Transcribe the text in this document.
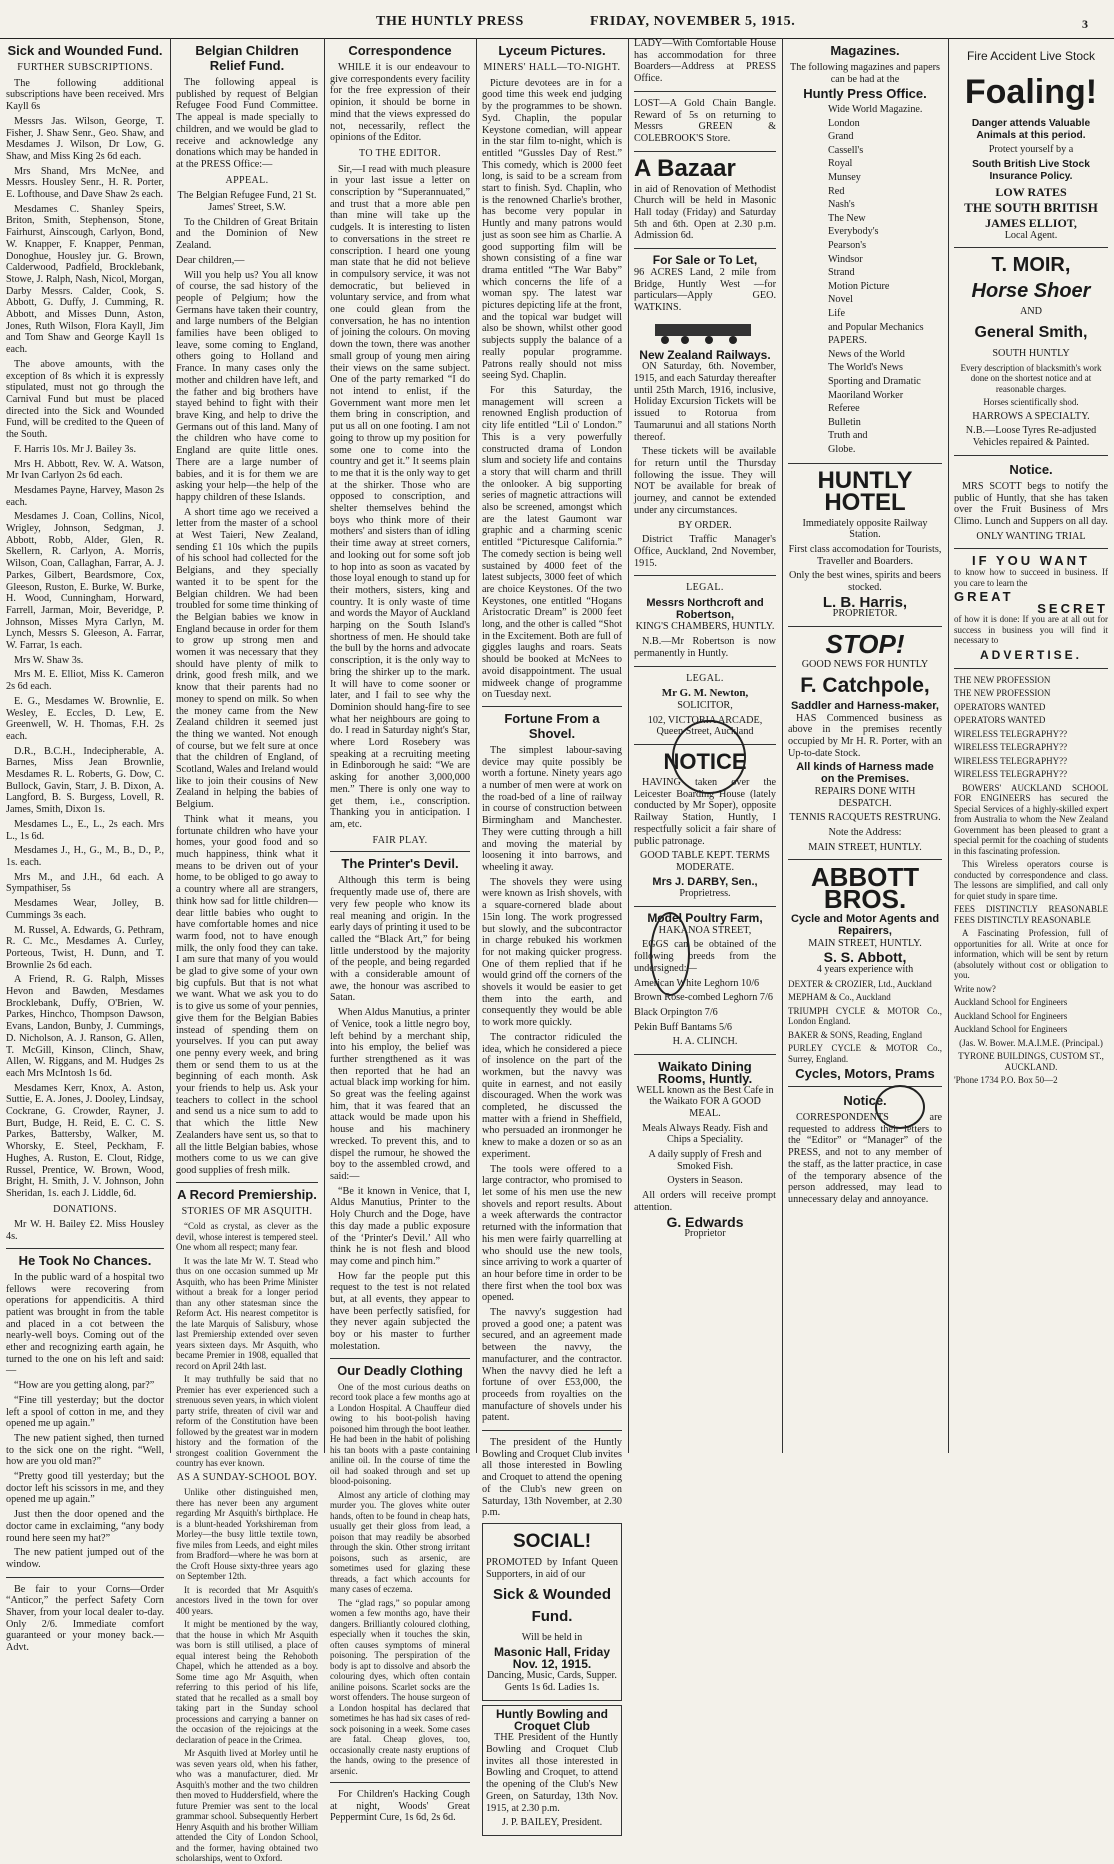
THE HUNTLY PRESS	FRIDAY, NOVEMBER 5, 1915.	3
Sick and Wounded Fund.
FURTHER SUBSCRIPTIONS.

The following additional subscriptions have been received. Mrs Kayll 6s

Messrs Jas. Wilson, George, T. Fisher, J. Shaw Senr., Geo. Shaw, and Mesdames J. Wilson, Dr Low, G. Shaw, and Miss King 2s 6d each.

Mrs Shand, Mrs McNee, and Messrs. Housley Senr., H. R. Porter, E. Lofthouse, and Dave Shaw 2s each.

Mesdames C. Shanley Speirs, Briton, Smith, Stephenson, Stone, Fairhurst, Ainscough, Carlyon, Bond, W. Knapper, F. Knapper, Penman, Donoghue, Housley jur. G. Brown, Calderwood, Padfield, Brocklebank, Stowe, J. Ralph, Nash, Nicol, Morgan, Darby Messrs. Calder, Cook, S. Abbott, G. Duffy, J. Cumming, R. Abbott, and Misses Dunn, Aston, Jones, Ruth Wilson, Flora Kayll, Jim and Tom Shaw and George Kayll 1s each.

The above amounts, with the exception of 8s which it is expressly stipulated, must not go through the Carnival Fund but must be placed directed into the Sick and Wounded Fund, will be credited to the Queen of the South.

F. Harris 10s. Mr J. Bailey 3s.

Mrs H. Abbott, Rev. W. A. Watson, Mr Ivan Carlyon 2s 6d each.

Mesdames Payne, Harvey, Mason 2s each.

Mesdames J. Coan, Collins, Nicol, Wrigley, Johnson, Sedgman, J. Abbott, Robb, Alder, Glen, R. Skellern, R. Carlyon, A. Morris, Wilson, Coan, Callaghan, Farrar, A. J. Parkes, Gilbert, Beardsmore, Cox, Gleeson, Ruston, E. Burke, W. Burke, H. Wood, Cunningham, Horward, Farrell, Jarman, Moir, Beveridge, P. Johnson, Misses Myra Carlyn, M. Lynch, Messrs S. Gleeson, A. Farrar, W. Farrar, 1s each.

Mrs W. Shaw 3s.

Mrs M. E. Elliot, Miss K. Cameron 2s 6d each.

E. G., Mesdames W. Brownlie, E. Wesley, E. Eccles, D. Lew, E. Greenwell, W. H. Thomas, F.H. 2s each.

D.R., B.C.H., Indecipherable, A. Barnes, Miss Jean Brownlie, Mesdames R. L. Roberts, G. Dow, C. Bullock, Gavin, Starr, J. B. Dixon, A. Langford, B. S. Burgess, Lovell, R. James, Smith, Dixon 1s.

Mesdames L., E., L., 2s each. Mrs L., 1s 6d.

Mesdames J., H., G., M., B., D., P., 1s. each.

Mrs M., and J.H., 6d each. A Sympathiser, 5s

Mesdames Wear, Jolley, B. Cummings 3s each.

M. Russel, A. Edwards, G. Pethram, R. C. Mc., Mesdames A. Curley, Porteous, Twist, H. Dunn, and T. Brownlie 2s 6d each.

A Friend, R. G. Ralph, Misses Hevon and Bawden, Mesdames Brocklebank, Duffy, O'Brien, W. Parkes, Hinchco, Thompson Dawson, Evans, Landon, Bunby, J. Cummings, D. Nicholson, A. J. Ranson, G. Allen, T. McGill, Kinson, Clinch, Shaw, Allen, W. Riggans, and M. Hudges 2s each Mrs McIntosh 1s 6d.

Mesdames Kerr, Knox, A. Aston, Suttie, E. A. Jones, J. Dooley, Lindsay, Cockrane, G. Crowder, Rayner, J. Burt, Budge, H. Reid, E. C. C. S. Parkes, Battersby, Walker, M. Whorsky, E. Steel, Peckham, F. Hughes, A. Ruston, E. Clout, Ridge, Russel, Prentice, W. Brown, Wood, Bright, H. Smith, J. V. Johnson, John Sheridan, 1s. each J. Liddle, 6d.

DONATIONS.

Mr W. H. Bailey £2. Miss Housley 4s.

He Took No Chances.

In the public ward of a hospital two fellows were recovering from operations for appendicitis. A third patient was brought in from the table and placed in a cot between the nearly-well boys. Coming out of the ether and recognizing earth again, he turned to the one on his left and said:—

“How are you getting along, par?”

“Fine till yesterday; but the doctor left a spool of cotton in me, and they opened me up again.”

The new patient sighed, then turned to the sick one on the right. “Well, how are you old man?”

“Pretty good till yesterday; but the doctor left his scissors in me, and they opened me up again.”

Just then the door opened and the doctor came in exclaiming, “any body round here seen my hat?”

The new patient jumped out of the window.

Be fair to your Corns—Order “Anticor,” the perfect Safety Corn Shaver, from your local dealer to-day. Only 2/6. Immediate comfort guaranteed or your money back.—Advt.

Belgian Children Relief Fund.

The following appeal is published by request of Belgian Refugee Food Fund Committee. The appeal is made specially to children, and we would be glad to receive and acknowledge any donations which may be handed in at the PRESS Office:—

APPEAL.

The Belgian Refugee Fund, 21 St. James' Street, S.W.

To the Children of Great Britain and the Dominion of New Zealand.

Dear children,—

Will you help us? You all know of course, the sad history of the people of Pelgium; how the Germans have taken their country, and large numbers of the Belgian families have been obliged to leave, some coming to England, others going to Holland and France. In many cases only the mother and children have left, and the father and big brothers have stayed behind to fight with their brave King, and help to drive the Germans out of this land. Many of the children who have come to England are quite little ones. There are a large number of babies, and it is for them we are asking your help—the help of the happy children of these Islands.

A short time ago we received a letter from the master of a school at West Taieri, New Zealand, sending £1 10s which the pupils of his school had collected for the Belgians, and they specially wanted it to be spent for the Belgian children. We had been troubled for some time thinking of the Belgian babies we know in England because in order for them to grow up strong men and women it was necessary that they should have plenty of milk to drink, good fresh milk, and we know that their parents had no money to spend on milk. So when the money came from the New Zealand children it seemed just the thing we wanted. Not enough of course, but we felt sure at once that the children of England, of Scotland, Wales and Ireland would like to join their cousins of New Zealand in helping the babies of Belgium.

Think what it means, you fortunate children who have your homes, your good food and so much happiness, think what it means to be driven out of your home, to be obliged to go away to a country where all are strangers, think how sad for little children—dear little babies who ought to have comfortable homes and nice warm food, not to have enough milk, the only food they can take. I am sure that many of you would be glad to give some of your own big cupfuls. But that is not what we want. What we ask you to do is to give us some of your pennies, give them for the Belgian Babies instead of spending them on yourselves. If you can put away one penny every week, and bring them or send them to us at the beginning of each month. Ask your friends to help us. Ask your teachers to collect in the school and send us a nice sum to add to that which the little New Zealanders have sent us, so that to all the little Belgian babies, whose mothers come to us we can give good supplies of fresh milk.

A Record Premiership.
STORIES OF MR ASQUITH.

“Cold as crystal, as clever as the devil, whose interest is tempered steel. One whom all respect; many fear.

It was the late Mr W. T. Stead who thus on one occasion summed up Mr Asquith, who has been Prime Minister without a break for a longer period than any other statesman since the Reform Act. His nearest competitor is the late Marquis of Salisbury, whose last Premiership extended over seven years sixteen days. Mr Asquith, who became Premier in 1908, equalled that record on April 24th last.

It may truthfully be said that no Premier has ever experienced such a strenuous seven years, in which violent party strife, threaten of civil war and reform of the Constitution have been followed by the greatest war in modern history and the formation of the strongest coalition Government the country has ever known.

AS A SUNDAY-SCHOOL BOY.

Unlike other distinguished men, there has never been any argument regarding Mr Asquith's birthplace. He is a blunt-headed Yorkshireman from Morley—the busy little textile town, five miles from Leeds, and eight miles from Bradford—where he was born at the Croft House sixty-three years ago on September 12th.

It is recorded that Mr Asquith's ancestors lived in the town for over 400 years.

It might be mentioned by the way, that the house in which Mr Asquith was born is still utilised, a place of equal interest being the Rehoboth Chapel, which he attended as a boy. Some time ago Mr Asquith, when referring to this period of his life, stated that he recalled as a small boy taking part in the Sunday school processions and carrying a banner on the occasion of the rejoicings at the declaration of peace in the Crimea.

Mr Asquith lived at Morley until he was seven years old, when his father, who was a manufacturer, died. Mr Asquith's mother and the two children then moved to Huddersfield, where the future Premier was sent to the local grammar school. Subsequently Herbert Henry Asquith and his brother William attended the City of London School, and the former, having obtained two scholarships, went to Oxford.

Correspondence

WHILE it is our endeavour to give correspondents every facility for the free expression of their opinion, it should be borne in mind that the views expressed do not, necessarily, reflect the opinions of the Editor.

TO THE EDITOR.

Sir,—I read with much pleasure in your last issue a letter on conscription by “Superannuated,” and trust that a more able pen than mine will take up the cudgels. It is interesting to listen to conversations in the street re conscription. I heard one young man state that he did not believe in compulsory service, it was not democratic, but believed in voluntary service, and from what one could glean from the conversation, he has no intention of joining the colours. On moving down the town, there was another small group of young men airing their views on the same subject. One of the party remarked “I do not intend to enlist, if the Government want more men let them bring in conscription, and put us all on one footing. I am not going to throw up my position for some one to come into the country and get it.” It seems plain to me that it is the only way to get at the shirker. Those who are opposed to conscription, and shelter themselves behind the boys who think more of their mothers' and sisters than of idling their time away at street corners, and looking out for some soft job to hop into as soon as vacated by those loyal enough to stand up for their mothers, sisters, king and country. It is only waste of time and words the Mayor of Auckland harping on the South Island's shortness of men. He should take the bull by the horns and advocate conscription, it is the only way to bring the shirker up to the mark. It will have to come sooner or later, and I fail to see why the Dominion should hang-fire to see what her neighbours are going to do. I read in Saturday night's Star, where Lord Rosebery was speaking at a recruiting meeting in Edinborough he said: “We are asking for another 3,000,000 men.” There is only one way to get them, i.e., conscription. Thanking you in anticipation. I am, etc.

FAIR PLAY.
The Printer's Devil.

Although this term is being frequently made use of, there are very few people who know its real meaning and origin. In the early days of printing it used to be called the “Black Art,” for being little understood by the majority of the people, and being regarded with a considerable amount of awe, the honour was ascribed to Satan.

When Aldus Manutius, a printer of Venice, took a little negro boy, left behind by a merchant ship, into his employ, the belief was further strengthened as it was then reported that he had an actual black imp working for him. So great was the feeling against him, that it was feared that an attack would be made upon his house and his machinery wrecked. To prevent this, and to dispel the rumour, he showed the boy to the assembled crowd, and said:—

“Be it known in Venice, that I, Aldus Manutius, Printer to the Holy Church and the Doge, have this day made a public exposure of the ‘Printer's Devil.’ All who think he is not flesh and blood may come and pinch him.”

How far the people put this request to the test is not related but, at all events, they appear to have been perfectly satisfied, for they never again subjected the boy or his master to further molestation.

Our Deadly Clothing

One of the most curious deaths on record took place a few months ago at a London Hospital. A Chauffeur died owing to his boot-polish having poisoned him through the boot leather. He had been in the habit of polishing his tan boots with a paste containing aniline oil. In the course of time the oil had soaked through and set up blood-poisoning.

Almost any article of clothing may murder you. The gloves white outer hands, often to be found in cheap hats, usually get their gloss from lead, a poison that may readily be absorbed through the skin. Other strong irritant poisons, such as arsenic, are sometimes used for glazing these threads, a fact which accounts for many cases of eczema.

The “glad rags,” so popular among women a few months ago, have their dangers. Brilliantly coloured clothing, especially when it touches the skin, often causes symptoms of mineral poisoning. The perspiration of the body is apt to dissolve and absorb the colouring dyes, which often contain aniline poisons. Scarlet socks are the worst offenders. The house surgeon of a London hospital has declared that sometimes he has had six cases of red-sock poisoning in a week. Some cases are fatal. Cheap gloves, too, occasionally create nasty eruptions of the hands, owing to the presence of arsenic.

For Children's Hacking Cough at night, Woods' Great Peppermint Cure, 1s 6d, 2s 6d.

Lyceum Pictures.
MINERS' HALL—TO-NIGHT.

Picture devotees are in for a good time this week end judging by the programmes to be shown. Syd. Chaplin, the popular Keystone comedian, will appear in the star film to-night, which is entitled “Gussles Day of Rest.” This comedy, which is 2000 feet long, is said to be a scream from start to finish. Syd. Chaplin, who is the renowned Charlie's brother, has become very popular in Huntly and many patrons would just as soon see him as Charlie. A good supporting film will be shown consisting of a fine war drama entitled “The War Baby” which concerns the life of a woman spy. The latest war pictures depicting life at the front, and the topical war budget will also be shown, whilst other good subjects supply the balance of a really popular programme. Patrons really should not miss seeing Syd. Chaplin.

For this Saturday, the management will screen a renowned English production of city life entitled “Lil o' London.” This is a very powerfully constructed drama of London slum and society life and contains a story that will charm and thrill the onlooker. A big supporting series of magnetic attractions will also be screened, amongst which are the latest Gaumont war graphic and a charming scenic entitled “Picturesque California.” The comedy section is being well sustained by 4000 feet of the latest subjects, 3000 feet of which are choice Keystones. Of the two Keystones, one entitled “Hogans Aristocratic Dream” is 2000 feet long, and the other is called “Shot in the Excitement. Both are full of giggles laughs and roars. Seats should be booked at McNees to avoid disappointment. The usual midweek change of programme on Tuesday next.

Fortune From a Shovel.

The simplest labour-saving device may quite possibly be worth a fortune. Ninety years ago a number of men were at work on the road-bed of a line of railway in course of construction between Birmingham and Manchester. They were cutting through a hill and moving the material by loosening it into barrows, and wheeling it away.

The shovels they were using were known as Irish shovels, with a square-cornered blade about 15in long. The work progressed but slowly, and the subcontractor in charge rebuked his workmen for not making quicker progress. One of them replied that if he would grind off the corners of the shovels it would be easier to get them into the earth, and consequently they would be able to work more quickly.

The contractor ridiculed the idea, which he considered a piece of insolence on the part of the workmen, but the navvy was quite in earnest, and not easily discouraged. When the work was completed, he discussed the matter with a friend in Sheffield, who persuaded an ironmonger he knew to make a dozen or so as an experiment.

The tools were offered to a large contractor, who promised to let some of his men use the new shovels and report results. About a week afterwards the contractor returned with the information that his men were fairly quarrelling at who should use the new tools, since arriving to work a quarter of an hour before time in order to be there first when the tool box was opened.

The navvy's suggestion had proved a good one; a patent was secured, and an agreement made between the navvy, the manufacturer, and the contractor. When the navvy died he left a fortune of over £53,000, the proceeds from royalties on the manufacture of shovels under his patent.

The president of the Huntly Bowling and Croquet Club invites all those interested in Bowling and Croquet to attend the opening of the Club's new green on Saturday, 13th November, at 2.30 p.m.

SOCIAL!

PROMOTED by Infant Queen Supporters, in aid of our

Sick & Wounded Fund.

Will be held in

Masonic Hall, Friday Nov. 12, 1915.

Dancing, Music, Cards, Supper. Gents 1s 6d. Ladies 1s.

Huntly Bowling and Croquet Club

THE President of the Huntly Bowling and Croquet Club invites all those interested in Bowling and Croquet, to attend the opening of the Club's New Green, on Saturday, 13th Nov. 1915, at 2.30 p.m.

J. P. BAILEY, President.

LADY—With Comfortable House has accommodation for three Boarders—Address at PRESS Office.

LOST—A Gold Chain Bangle. Reward of 5s on returning to Messrs GREEN & COLEBROOK'S Store.

A Bazaar

in aid of Renovation of Methodist Church will be held in Masonic Hall today (Friday) and Saturday 5th and 6th. Open at 2.30 p.m. Admission 6d.

For Sale or To Let,

96 ACRES Land, 2 mile from Bridge, Huntly West —for particulars—Apply GEO. WATKINS.

New Zealand Railways.

ON Saturday, 6th. November, 1915, and each Saturday thereafter until 25th March, 1916, inclusive, Holiday Excursion Tickets will be issued to Rotorua from Taumarunui and all stations North thereof.

These tickets will be available for return until the Thursday following the issue. They will NOT be available for break of journey, and cannot be extended under any circumstances.

BY ORDER.

District Traffic Manager's Office, Auckland, 2nd November, 1915.

LEGAL.
Messrs Northcroft and Robertson,

KING'S CHAMBERS, HUNTLY.

N.B.—Mr Robertson is now permanently in Huntly.

LEGAL.
Mr G. M. Newton,

SOLICITOR,

102, VICTORIA ARCADE, Queen Street, Auckland

NOTICE

HAVING taken over the Leicester Boarding House (lately conducted by Mr Soper), opposite Railway Station, Huntly, I respectfully solicit a fair share of public patronage.

GOOD TABLE KEPT. TERMS MODERATE.

Mrs J. DARBY, Sen.,

Proprietress.

Model Poultry Farm,

HAKANOA STREET,

EGGS can be obtained of the following breeds from the undersigned:—

American White Leghorn 10/6

Brown Rose-combed Leghorn 7/6

Black Orpington 7/6

Pekin Buff Bantams 5/6

H. A. CLINCH.

Waikato Dining Rooms, Huntly.

WELL known as the Best Cafe in the Waikato FOR A GOOD MEAL.

Meals Always Ready. Fish and Chips a Speciality.

A daily supply of Fresh and Smoked Fish.

Oysters in Season.

All orders will receive prompt attention.

G. Edwards

Proprietor

Magazines.

The following magazines and papers can be had at the

Huntly Press Office.
Wide World Magazine.
London
Grand
Cassell's
Royal
Munsey
Red
Nash's
The New
Everybody's
Pearson's
Windsor
Strand
Motion Picture
Novel
Life
and Popular Mechanics
PAPERS.
News of the World
The World's News
Sporting and Dramatic
Maoriland Worker
Referee
Bulletin
Truth and
Globe.
HUNTLY HOTEL

Immediately opposite Railway Station.

First class accomodation for Tourists, Traveller and Boarders.

Only the best wines, spirits and beers stocked.

L. B. Harris,

PROPRIETOR.

STOP!

GOOD NEWS FOR HUNTLY

F. Catchpole,
Saddler and Harness-maker,

HAS Commenced business as above in the premises recently occupied by Mr H. R. Porter, with an Up-to-date Stock.

All kinds of Harness made on the Premises.

REPAIRS DONE WITH DESPATCH.

TENNIS RACQUETS RESTRUNG.

Note the Address:

MAIN STREET, HUNTLY.

ABBOTT BROS.
Cycle and Motor Agents and Repairers,

MAIN STREET, HUNTLY.

S. S. Abbott,

4 years experience with

DEXTER & CROZIER, Ltd., Auckland

MEPHAM & Co., Auckland

TRIUMPH CYCLE & MOTOR Co., London England.

BAKER & SONS, Reading, England

PURLEY CYCLE & MOTOR Co., Surrey, England.

Cycles, Motors, Prams
Notice.

CORRESPONDENTS are requested to address their letters to the “Editor” or “Manager” of the PRESS, and not to any member of the staff, as the latter practice, in case of the temporary absence of the person addressed, may lead to unnecessary delay and annoyance.

Fire Accident Live Stock
Foaling!

Danger attends Valuable Animals at this period.

Protect yourself by a

South British Live Stock Insurance Policy.

LOW RATES
THE SOUTH BRITISH
JAMES ELLIOT,

Local Agent.

T. MOIR,
Horse Shoer

AND

General Smith,

SOUTH HUNTLY

Every description of blacksmith's work done on the shortest notice and at reasonable charges.

Horses scientifically shod.

HARROWS A SPECIALTY.

N.B.—Loose Tyres Re-adjusted Vehicles repaired & Painted.

Notice.

MRS SCOTT begs to notify the public of Huntly, that she has taken over the Fruit Business of Mrs Climo. Lunch and Suppers on all day.

ONLY WANTING TRIAL

IF YOU WANT

to know how to succeed in business. If you care to learn the

GREAT
SECRET

of how it is done: If you are at all out for success in business you will find it necessary to

ADVERTISE.

THE NEW PROFESSION

THE NEW PROFESSION

OPERATORS WANTED

OPERATORS WANTED

WIRELESS TELEGRAPHY??

WIRELESS TELEGRAPHY??

WIRELESS TELEGRAPHY??

WIRELESS TELEGRAPHY??

BOWERS' AUCKLAND SCHOOL FOR ENGINEERS has secured the Special Services of a highly-skilled expert from Australia to whom the New Zealand Government has been pleased to grant a special permit for the coaching of students in this fascinating profession.

This Wireless operators course is conducted by correspondence and class. The lessons are simplified, and call only for quiet study in spare time.

FEES DISTINCTLY REASONABLE FEES DISTINCTLY REASONABLE

A Fascinating Profession, full of opportunities for all. Write at once for information, which will be sent by return (absolutely without cost or obligation to you.

Write now?

Auckland School for Engineers

Auckland School for Engineers

Auckland School for Engineers

(Jas. W. Bower. M.A.I.M.E. (Principal.)

TYRONE BUILDINGS, CUSTOM ST., AUCKLAND.

'Phone 1734 P.O. Box 50—2
